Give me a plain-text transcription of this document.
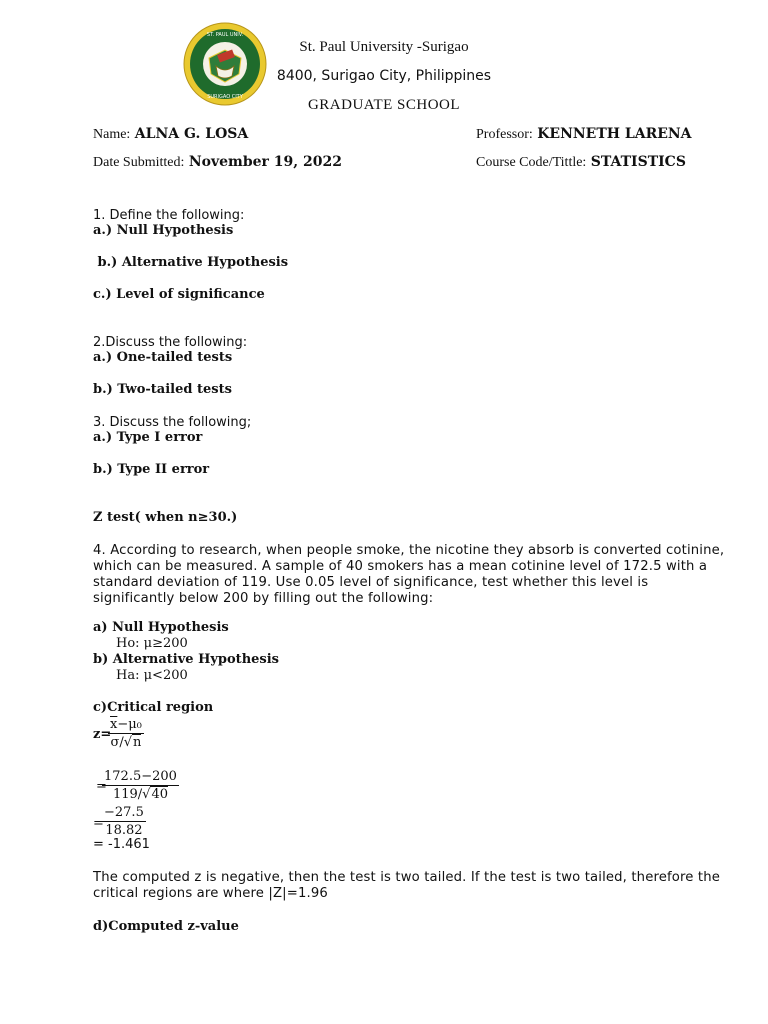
ST. PAUL UNIV.
SURIGAO CITY
St. Paul University -Surigao
8400, Surigao City, Philippines
GRADUATE SCHOOL
Name: ALNA G. LOSA	Professor: KENNETH LARENA
Date Submitted: November 19, 2022	Course Code/Tittle: STATISTICS
1. Define the following:
a.) Null Hypothesis
b.) Alternative Hypothesis
c.) Level of significance
2.Discuss the following:
a.) One-tailed tests
b.) Two-tailed tests
3. Discuss the following;
a.) Type I error
b.) Type II error
Z test( when n≥30.)
4. According to research, when people smoke, the nicotine they absorb is converted cotinine, which can be measured. A sample of 40 smokers has a mean cotinine level of 172.5 with a standard deviation of 119. Use 0.05 level of significance, test whether this level is significantly below 200 by filling out the following:
a) Null Hypothesis
Ho: μ≥200
b) Alternative Hypothesis
Ha: μ<200
c)Critical region
z=
$\frac{\overline{x}-\mu_0}{\sigma/√n}$
=
$\frac{172.5-200}{119/√40}$
=
$\frac{-27.5}{18.82}$
= -1.461
The computed z is negative, then the test is two tailed. If the test is two tailed, therefore the critical regions are where |Z|=1.96
d)Computed z-value
